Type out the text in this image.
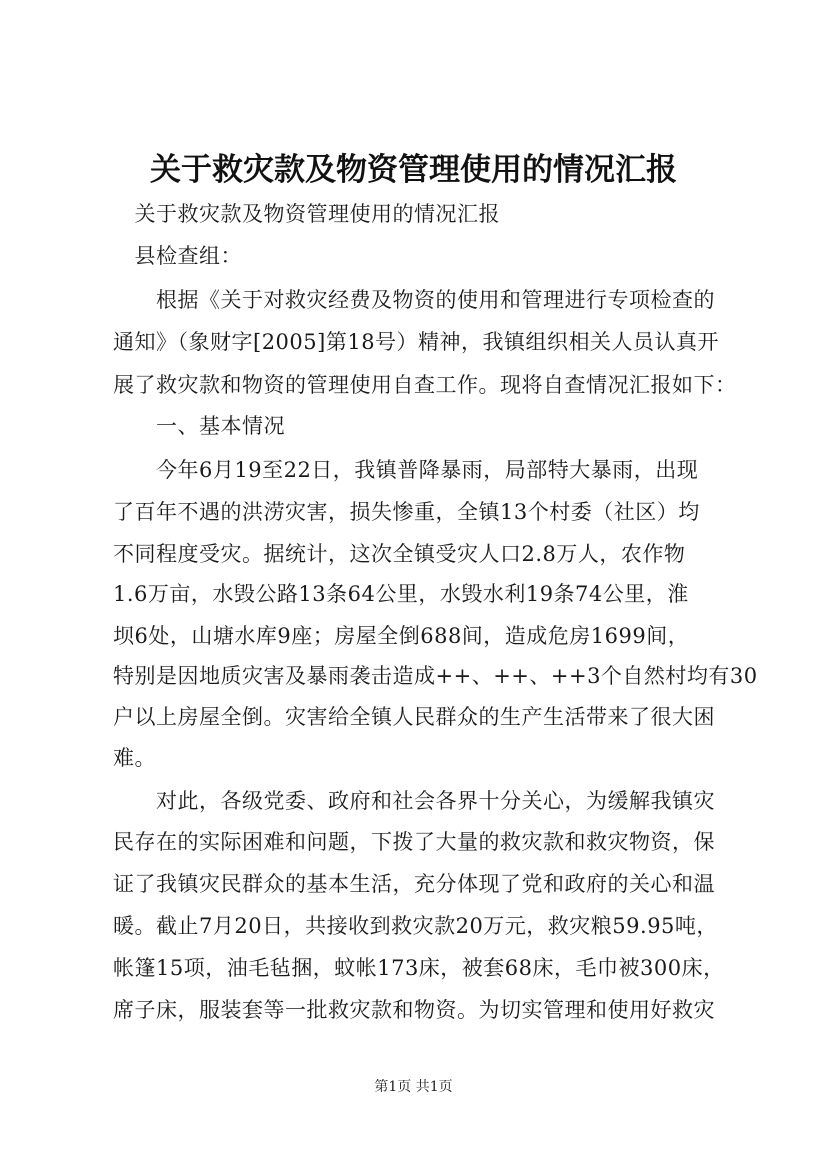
关于救灾款及物资管理使用的情况汇报

　关于救灾款及物资管理使用的情况汇报

　县检查组：

　　根据《关于对救灾经费及物资的使用和管理进行专项检查的

通知》（象财字[2005]第18号）精神，我镇组织相关人员认真开

展了救灾款和物资的管理使用自查工作。现将自查情况汇报如下：

　　一、基本情况

　　今年6月19至22日，我镇普降暴雨，局部特大暴雨，出现

了百年不遇的洪涝灾害，损失惨重，全镇13个村委（社区）均

不同程度受灾。据统计，这次全镇受灾人口2.8万人，农作物

1.6万亩，水毁公路13条64公里，水毁水利19条74公里，淮

坝6处，山塘水库9座；房屋全倒688间，造成危房1699间，

特别是因地质灾害及暴雨袭击造成++、++、++3个自然村均有30

户以上房屋全倒。灾害给全镇人民群众的生产生活带来了很大困

难。

　　对此，各级党委、政府和社会各界十分关心，为缓解我镇灾

民存在的实际困难和问题，下拨了大量的救灾款和救灾物资，保

证了我镇灾民群众的基本生活，充分体现了党和政府的关心和温

暖。截止7月20日，共接收到救灾款20万元，救灾粮59.95吨，

帐篷15项，油毛毡捆，蚊帐173床，被套68床，毛巾被300床，

席子床，服装套等一批救灾款和物资。为切实管理和使用好救灾

第1页 共1页
